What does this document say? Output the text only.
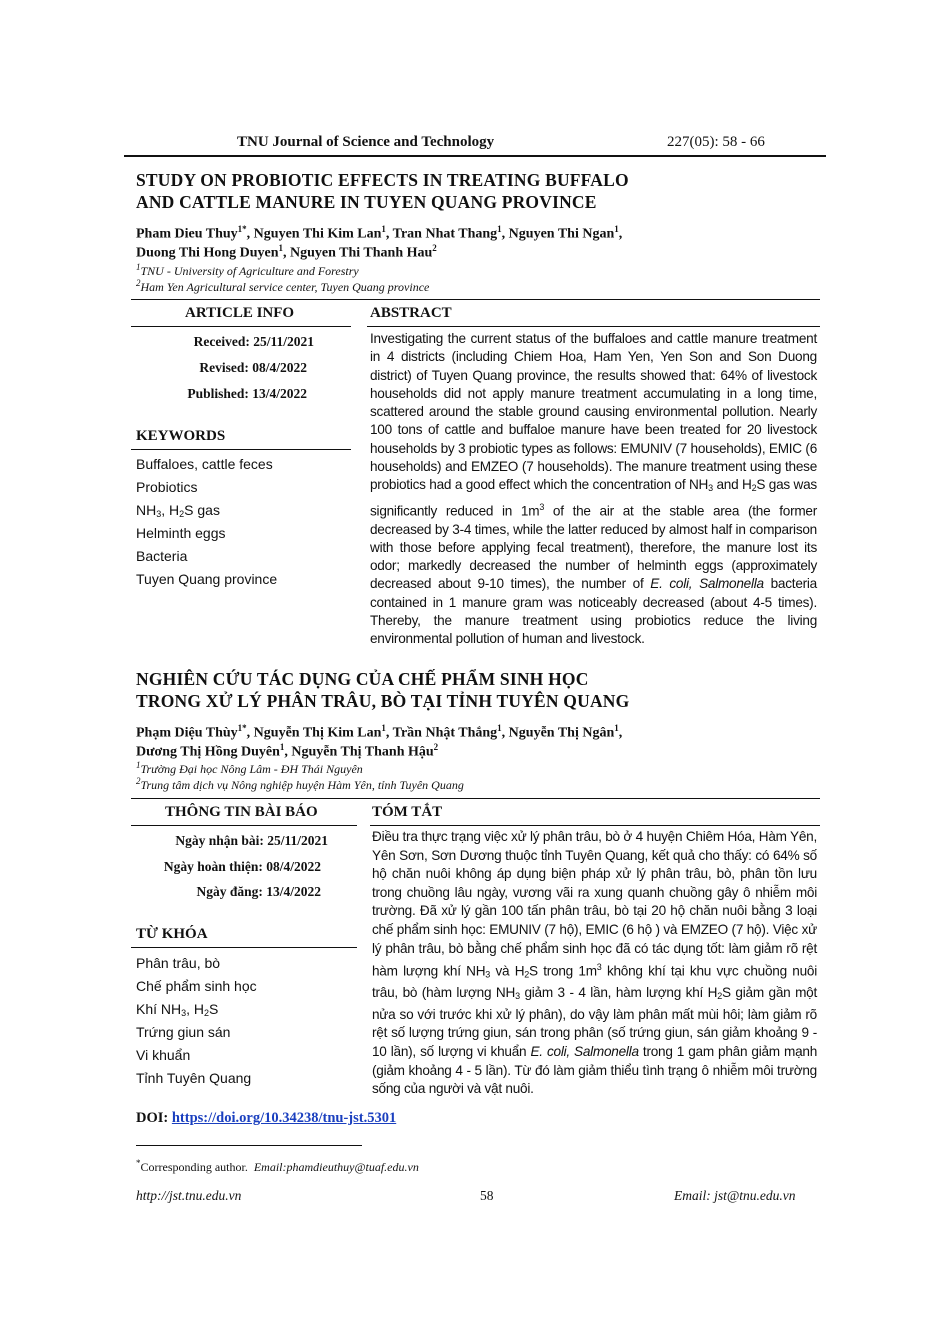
TNU Journal of Science and Technology	227(05): 58 - 66
STUDY ON PROBIOTIC EFFECTS IN TREATING BUFFALO
AND CATTLE MANURE IN TUYEN QUANG PROVINCE
Pham Dieu Thuy$^{1*}$, Nguyen Thi Kim Lan$^1$, Tran Nhat Thang$^1$, Nguyen Thi Ngan$^1$,
Duong Thi Hong Duyen$^1$, Nguyen Thi Thanh Hau$^2$
$^1$TNU - University of Agriculture and Forestry
$^2$Ham Yen Agricultural service center, Tuyen Quang province
ARTICLE INFO	ABSTRACT
Received: 25/11/2021
Revised: 08/4/2022
Published: 13/4/2022
KEYWORDS
Buffaloes, cattle feces
Probiotics
$NH_3$, $H_2S$ gas
Helminth eggs
Bacteria
Tuyen Quang province
Investigating the current status of the buffaloes and cattle manure treatment in 4 districts (including Chiem Hoa, Ham Yen, Yen Son and Son Duong district) of Tuyen Quang province, the results showed that: 64% of livestock households did not apply manure treatment accumulating in a long time, scattered around the stable ground causing environmental pollution. Nearly 100 tons of cattle and buffaloe manure have been treated for 20 livestock households by 3 probiotic types as follows: EMUNIV (7 households), EMIC (6 households) and EMZEO (7 households). The manure treatment using these probiotics had a good effect which the concentration of $NH_3$ and $H_2S$ gas was significantly reduced in $1m^3$ of the air at the stable area (the former decreased by 3-4 times, while the latter reduced by almost half in comparison with those before applying fecal treatment), therefore, the manure lost its odor; markedly decreased the number of helminth eggs (approximately decreased about 9-10 times), the number of E. coli, Salmonella bacteria contained in 1 manure gram was noticeably decreased (about 4-5 times). Thereby, the manure treatment using probiotics reduce the living environmental pollution of human and livestock.
NGHIÊN CỨU TÁC DỤNG CỦA CHẾ PHẨM SINH HỌC
TRONG XỬ LÝ PHÂN TRÂU, BÒ TẠI TỈNH TUYÊN QUANG
Phạm Diệu Thùy$^{1*}$, Nguyễn Thị Kim Lan$^1$, Trần Nhật Thắng$^1$, Nguyễn Thị Ngân$^1$,
Dương Thị Hồng Duyên$^1$, Nguyễn Thị Thanh Hậu$^2$
$^1$Trường Đại học Nông Lâm - ĐH Thái Nguyên
$^2$Trung tâm dịch vụ Nông nghiệp huyện Hàm Yên, tỉnh Tuyên Quang
THÔNG TIN BÀI BÁO	TÓM TẮT
Ngày nhận bài: 25/11/2021
Ngày hoàn thiện: 08/4/2022
Ngày đăng: 13/4/2022
TỪ KHÓA
Phân trâu, bò
Chế phẩm sinh học
Khí $NH_3$, $H_2S$
Trứng giun sán
Vi khuẩn
Tỉnh Tuyên Quang
Điều tra thực trạng việc xử lý phân trâu, bò ở 4 huyện Chiêm Hóa, Hàm Yên, Yên Sơn, Sơn Dương thuộc tỉnh Tuyên Quang, kết quả cho thấy: có 64% số hộ chăn nuôi không áp dụng biện pháp xử lý phân trâu, bò, phân tồn lưu trong chuồng lâu ngày, vương vãi ra xung quanh chuồng gây ô nhiễm môi trường. Đã xử lý gần 100 tấn phân trâu, bò tại 20 hộ chăn nuôi bằng 3 loại chế phẩm sinh học: EMUNIV (7 hộ), EMIC (6 hộ ) và EMZEO (7 hộ). Việc xử lý phân trâu, bò bằng chế phẩm sinh học đã có tác dụng tốt: làm giảm rõ rệt hàm lượng khí $NH_3$ và $H_2S$ trong $1m^3$ không khí tại khu vực chuồng nuôi trâu, bò (hàm lượng $NH_3$ giảm 3 - 4 lần, hàm lượng khí $H_2S$ giảm gần một nửa so với trước khi xử lý phân), do vậy làm phân mất mùi hôi; làm giảm rõ rệt số lượng trứng giun, sán trong phân (số trứng giun, sán giảm khoảng 9 - 10 lần), số lượng vi khuẩn E. coli, Salmonella trong 1 gam phân giảm mạnh (giảm khoảng 4 - 5 lần). Từ đó làm giảm thiểu tình trạng ô nhiễm môi trường sống của người và vật nuôi.
DOI: https://doi.org/10.34238/tnu-jst.5301
*Corresponding author. Email:phamdieuthuy@tuaf.edu.vn
http://jst.tnu.edu.vn	58	Email: jst@tnu.edu.vn
